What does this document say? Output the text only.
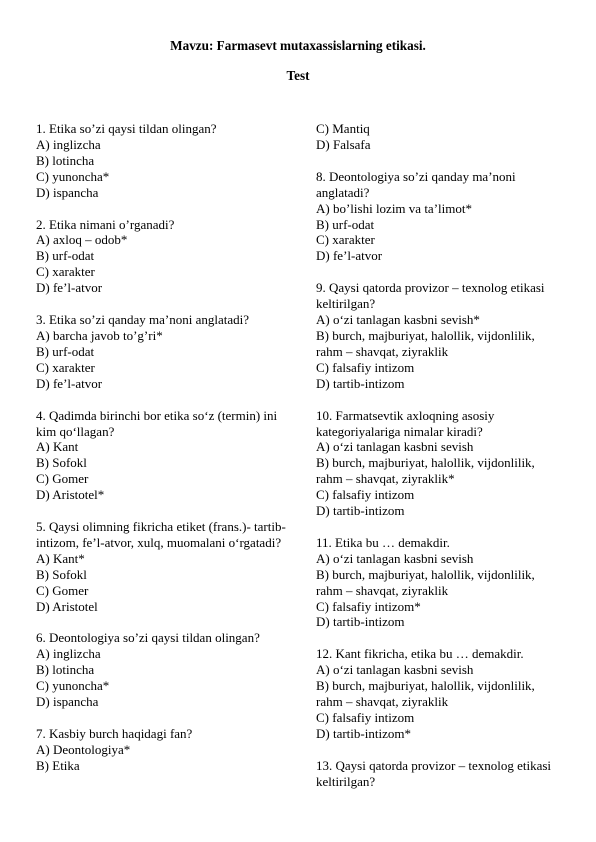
Mavzu: Farmasevt mutaxassislarning etikasi.
Test
1. Etika so’zi qaysi tildan olingan?
A) inglizcha
B) lotincha
C) yunoncha*
D) ispancha
2. Etika nimani o’rganadi?
A) axloq – odob*
B) urf-odat
C) xarakter
D) fe’l-atvor
3. Etika so’zi qanday ma’noni anglatadi?
A) barcha javob to’g’ri*
B) urf-odat
C) xarakter
D) fe’l-atvor
4. Qadimda birinchi bor etika so‘z (termin) ini kim qo‘llagan?
A) Kant
B) Sofokl
C) Gomer
D) Aristotel*
5. Qaysi olimning fikricha etiket (frans.)- tartib-intizom, fe’l-atvor, xulq, muomalani o‘rgatadi?
A) Kant*
B) Sofokl
C) Gomer
D) Aristotel
6. Deontologiya so’zi qaysi tildan olingan?
A) inglizcha
B) lotincha
C) yunoncha*
D) ispancha
7. Kasbiy burch haqidagi fan?
A) Deontologiya*
B) Etika
C) Mantiq
D) Falsafa
8. Deontologiya so’zi qanday ma’noni anglatadi?
A) bo’lishi lozim va ta’limot*
B) urf-odat
C) xarakter
D) fe’l-atvor
9. Qaysi qatorda provizor – texnolog etikasi keltirilgan?
A) o‘zi tanlagan kasbni sevish*
B) burch, majburiyat, halollik, vijdonlilik, rahm – shavqat, ziyraklik
C) falsafiy intizom
D) tartib-intizom
10. Farmatsevtik axloqning asosiy kategoriyalariga nimalar kiradi?
A) o‘zi tanlagan kasbni sevish
B) burch, majburiyat, halollik, vijdonlilik, rahm – shavqat, ziyraklik*
C) falsafiy intizom
D) tartib-intizom
11. Etika bu … demakdir.
A) o‘zi tanlagan kasbni sevish
B) burch, majburiyat, halollik, vijdonlilik, rahm – shavqat, ziyraklik
C) falsafiy intizom*
D) tartib-intizom
12. Kant fikricha, etika bu … demakdir.
A) o‘zi tanlagan kasbni sevish
B) burch, majburiyat, halollik, vijdonlilik, rahm – shavqat, ziyraklik
C) falsafiy intizom
D) tartib-intizom*
13. Qaysi qatorda provizor – texnolog etikasi keltirilgan?
